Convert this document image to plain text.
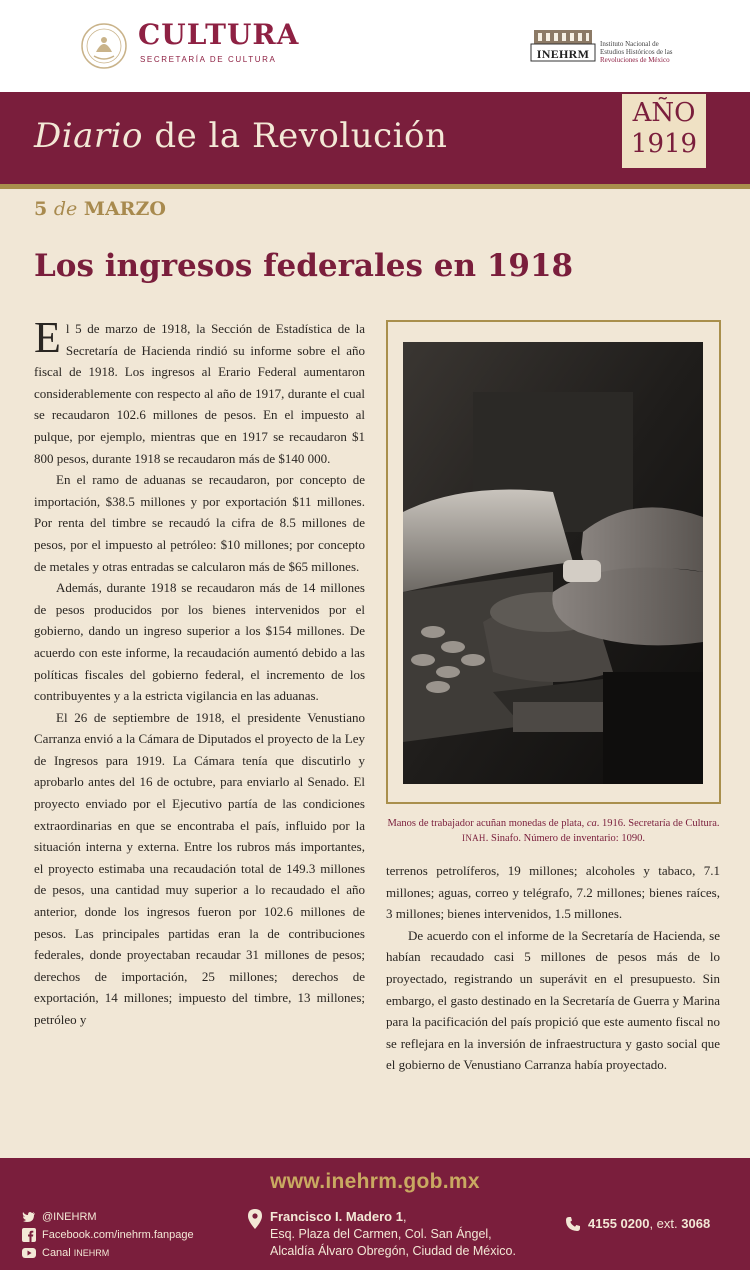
CULTURA
SECRETARÍA DE CULTURA	INEHRM
Instituto Nacional de
Estudios Históricos de las
Revoluciones de México
Diario de la Revolución
AÑO
1919
5 de MARZO
Los ingresos federales en 1918

El 5 de marzo de 1918, la Sección de Estadística de la Secretaría de Hacienda rindió su informe sobre el año fiscal de 1918. Los ingresos al Erario Federal aumentaron considerablemente con respecto al año de 1917, durante el cual se recaudaron 102.6 millones de pesos. En el impuesto al pulque, por ejemplo, mientras que en 1917 se recaudaron $1 800 pesos, durante 1918 se recaudaron más de $140 000.

En el ramo de aduanas se recaudaron, por concepto de importación, $38.5 millones y por exportación $11 millones. Por renta del timbre se recaudó la cifra de 8.5 millones de pesos, por el impuesto al petróleo: $10 millones; por concepto de metales y otras entradas se calcularon más de $65 millones.

Además, durante 1918 se recaudaron más de 14 millones de pesos producidos por los bienes intervenidos por el gobierno, dando un ingreso superior a los $154 millones. De acuerdo con este informe, la recaudación aumentó debido a las políticas fiscales del gobierno federal, el incremento de los contribuyentes y a la estricta vigilancia en las aduanas.

El 26 de septiembre de 1918, el presidente Venustiano Carranza envió a la Cámara de Diputados el proyecto de la Ley de Ingresos para 1919. La Cámara tenía que discutirlo y aprobarlo antes del 16 de octubre, para enviarlo al Senado. El proyecto enviado por el Ejecutivo partía de las condiciones extraordinarias en que se encontraba el país, influido por la situación interna y externa. Entre los rubros más importantes, el proyecto estimaba una recaudación total de 149.3 millones de pesos, una cantidad muy superior a lo recaudado el año anterior, donde los ingresos fueron por 102.6 millones de pesos. Las principales partidas eran la de contribuciones federales, donde proyectaban recaudar 31 millones de pesos; derechos de importación, 25 millones; derechos de exportación, 14 millones; impuesto del timbre, 13 millones; petróleo y

Manos de trabajador acuñan monedas de plata, ca. 1916. Secretaría de Cultura. INAH. Sinafo. Número de inventario: 1090.

terrenos petrolíferos, 19 millones; alcoholes y tabaco, 7.1 millones; aguas, correo y telégrafo, 7.2 millones; bienes raíces, 3 millones; bienes intervenidos, 1.5 millones.

De acuerdo con el informe de la Secretaría de Hacienda, se habían recaudado casi 5 millones de pesos más de lo proyectado, registrando un superávit en el presupuesto. Sin embargo, el gasto destinado en la Secretaría de Guerra y Marina para la pacificación del país propició que este aumento fiscal no se reflejara en la inversión de infraestructura y gasto social que el gobierno de Venustiano Carranza había proyectado.

www.inehrm.gob.mx
@INEHRM
Facebook.com/inehrm.fanpage
Canal INEHRM
Francisco I. Madero 1,
Esq. Plaza del Carmen, Col. San Ángel,
Alcaldía Álvaro Obregón, Ciudad de México.
4155 0200, ext. 3068
